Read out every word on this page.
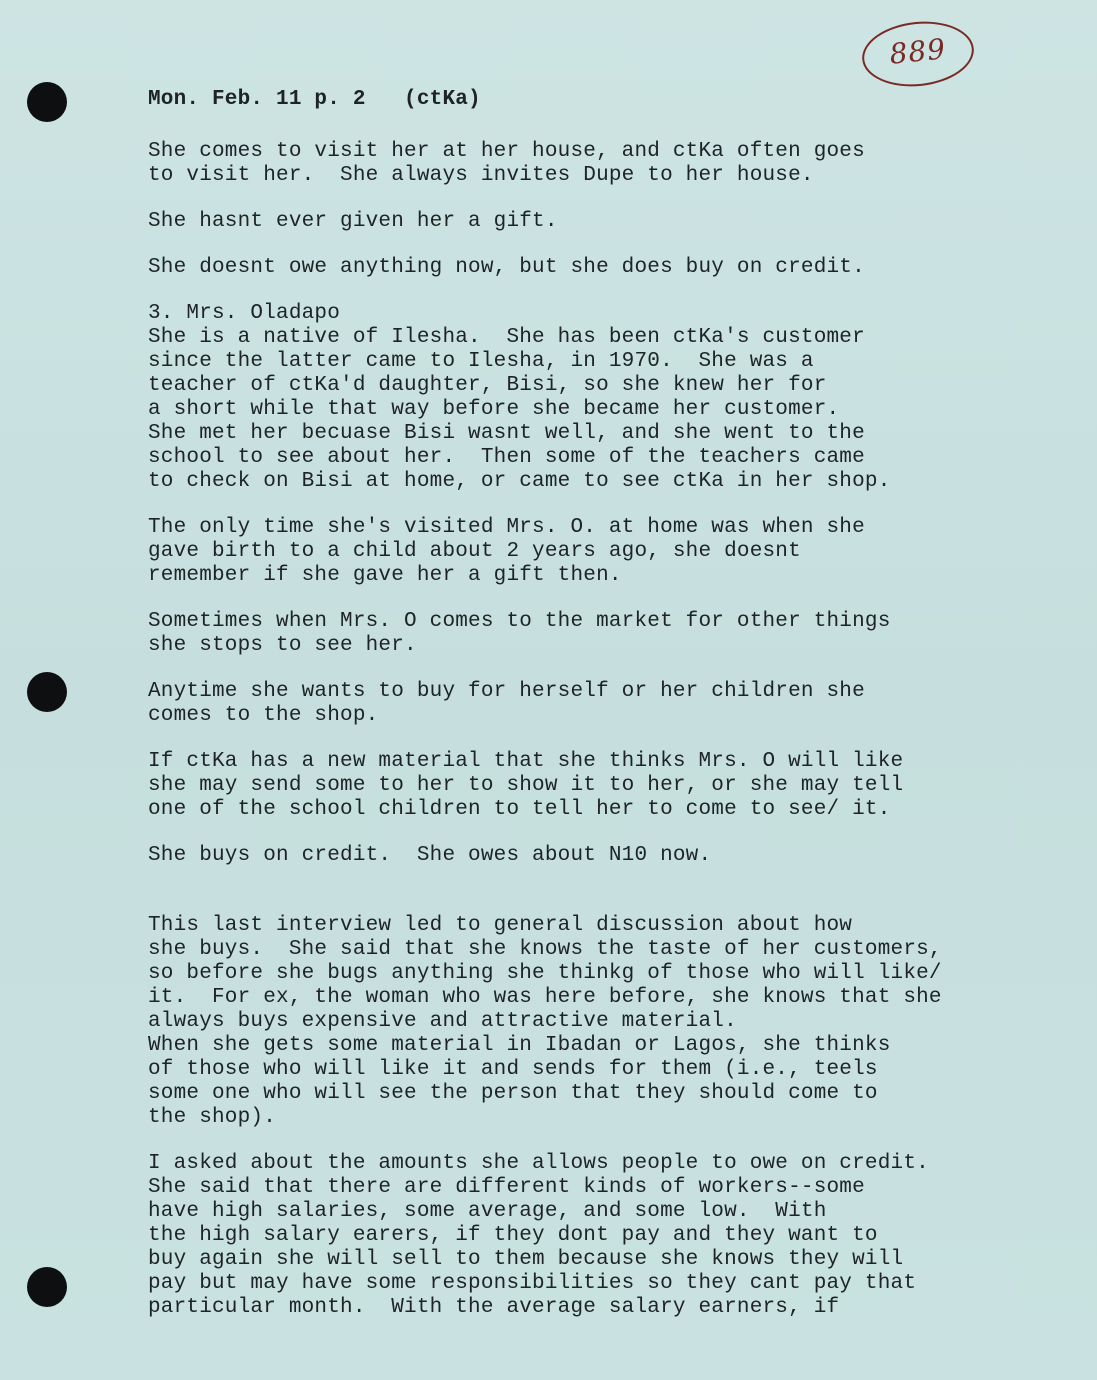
889
Mon. Feb. 11 p. 2   (ctKa)
She comes to visit her at her house, and ctKa often goes
to visit her.  She always invites Dupe to her house.
She hasnt ever given her a gift.
She doesnt owe anything now, but she does buy on credit.
3. Mrs. Oladapo
She is a native of Ilesha.  She has been ctKa's customer
since the latter came to Ilesha, in 1970.  She was a
teacher of ctKa'd daughter, Bisi, so she knew her for
a short while that way before she became her customer.
She met her becuase Bisi wasnt well, and she went to the
school to see about her.  Then some of the teachers came
to check on Bisi at home, or came to see ctKa in her shop.
The only time she's visited Mrs. O. at home was when she
gave birth to a child about 2 years ago, she doesnt
remember if she gave her a gift then.
Sometimes when Mrs. O comes to the market for other things
she stops to see her.
Anytime she wants to buy for herself or her children she
comes to the shop.
If ctKa has a new material that she thinks Mrs. O will like
she may send some to her to show it to her, or she may tell
one of the school children to tell her to come to see/ it.
She buys on credit.  She owes about N10 now.
This last interview led to general discussion about how
she buys.  She said that she knows the taste of her customers,
so before she bugs anything she thinkg of those who will like/
it.  For ex, the woman who was here before, she knows that she
always buys expensive and attractive material.
When she gets some material in Ibadan or Lagos, she thinks
of those who will like it and sends for them (i.e., teels
some one who will see the person that they should come to
the shop).
I asked about the amounts she allows people to owe on credit.
She said that there are different kinds of workers--some
have high salaries, some average, and some low.  With
the high salary earers, if they dont pay and they want to
buy again she will sell to them because she knows they will
pay but may have some responsibilities so they cant pay that
particular month.  With the average salary earners, if
